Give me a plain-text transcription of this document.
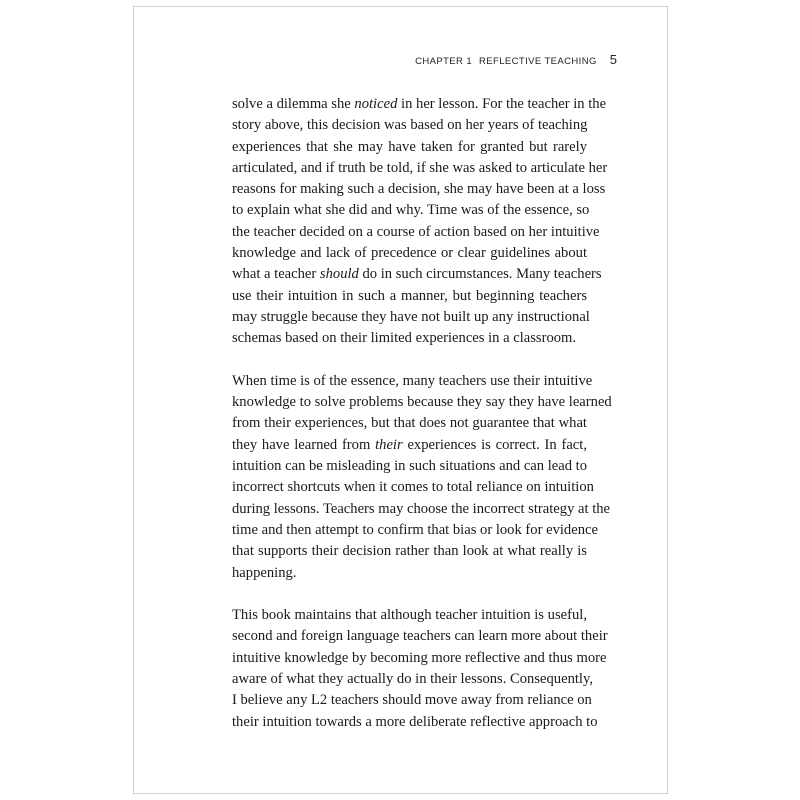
CHAPTER 1 REFLECTIVE TEACHING 5
solve a dilemma she noticed in her lesson. For the teacher in the
story above, this decision was based on her years of teaching
experiences that she may have taken for granted but rarely
articulated, and if truth be told, if she was asked to articulate her
reasons for making such a decision, she may have been at a loss
to explain what she did and why. Time was of the essence, so
the teacher decided on a course of action based on her intuitive
knowledge and lack of precedence or clear guidelines about
what a teacher should do in such circumstances. Many teachers
use their intuition in such a manner, but beginning teachers
may struggle because they have not built up any instructional
schemas based on their limited experiences in a classroom.
When time is of the essence, many teachers use their intuitive
knowledge to solve problems because they say they have learned
from their experiences, but that does not guarantee that what
they have learned from their experiences is correct. In fact,
intuition can be misleading in such situations and can lead to
incorrect shortcuts when it comes to total reliance on intuition
during lessons. Teachers may choose the incorrect strategy at the
time and then attempt to confirm that bias or look for evidence
that supports their decision rather than look at what really is
happening.
This book maintains that although teacher intuition is useful,
second and foreign language teachers can learn more about their
intuitive knowledge by becoming more reflective and thus more
aware of what they actually do in their lessons. Consequently,
I believe any L2 teachers should move away from reliance on
their intuition towards a more deliberate reflective approach to
